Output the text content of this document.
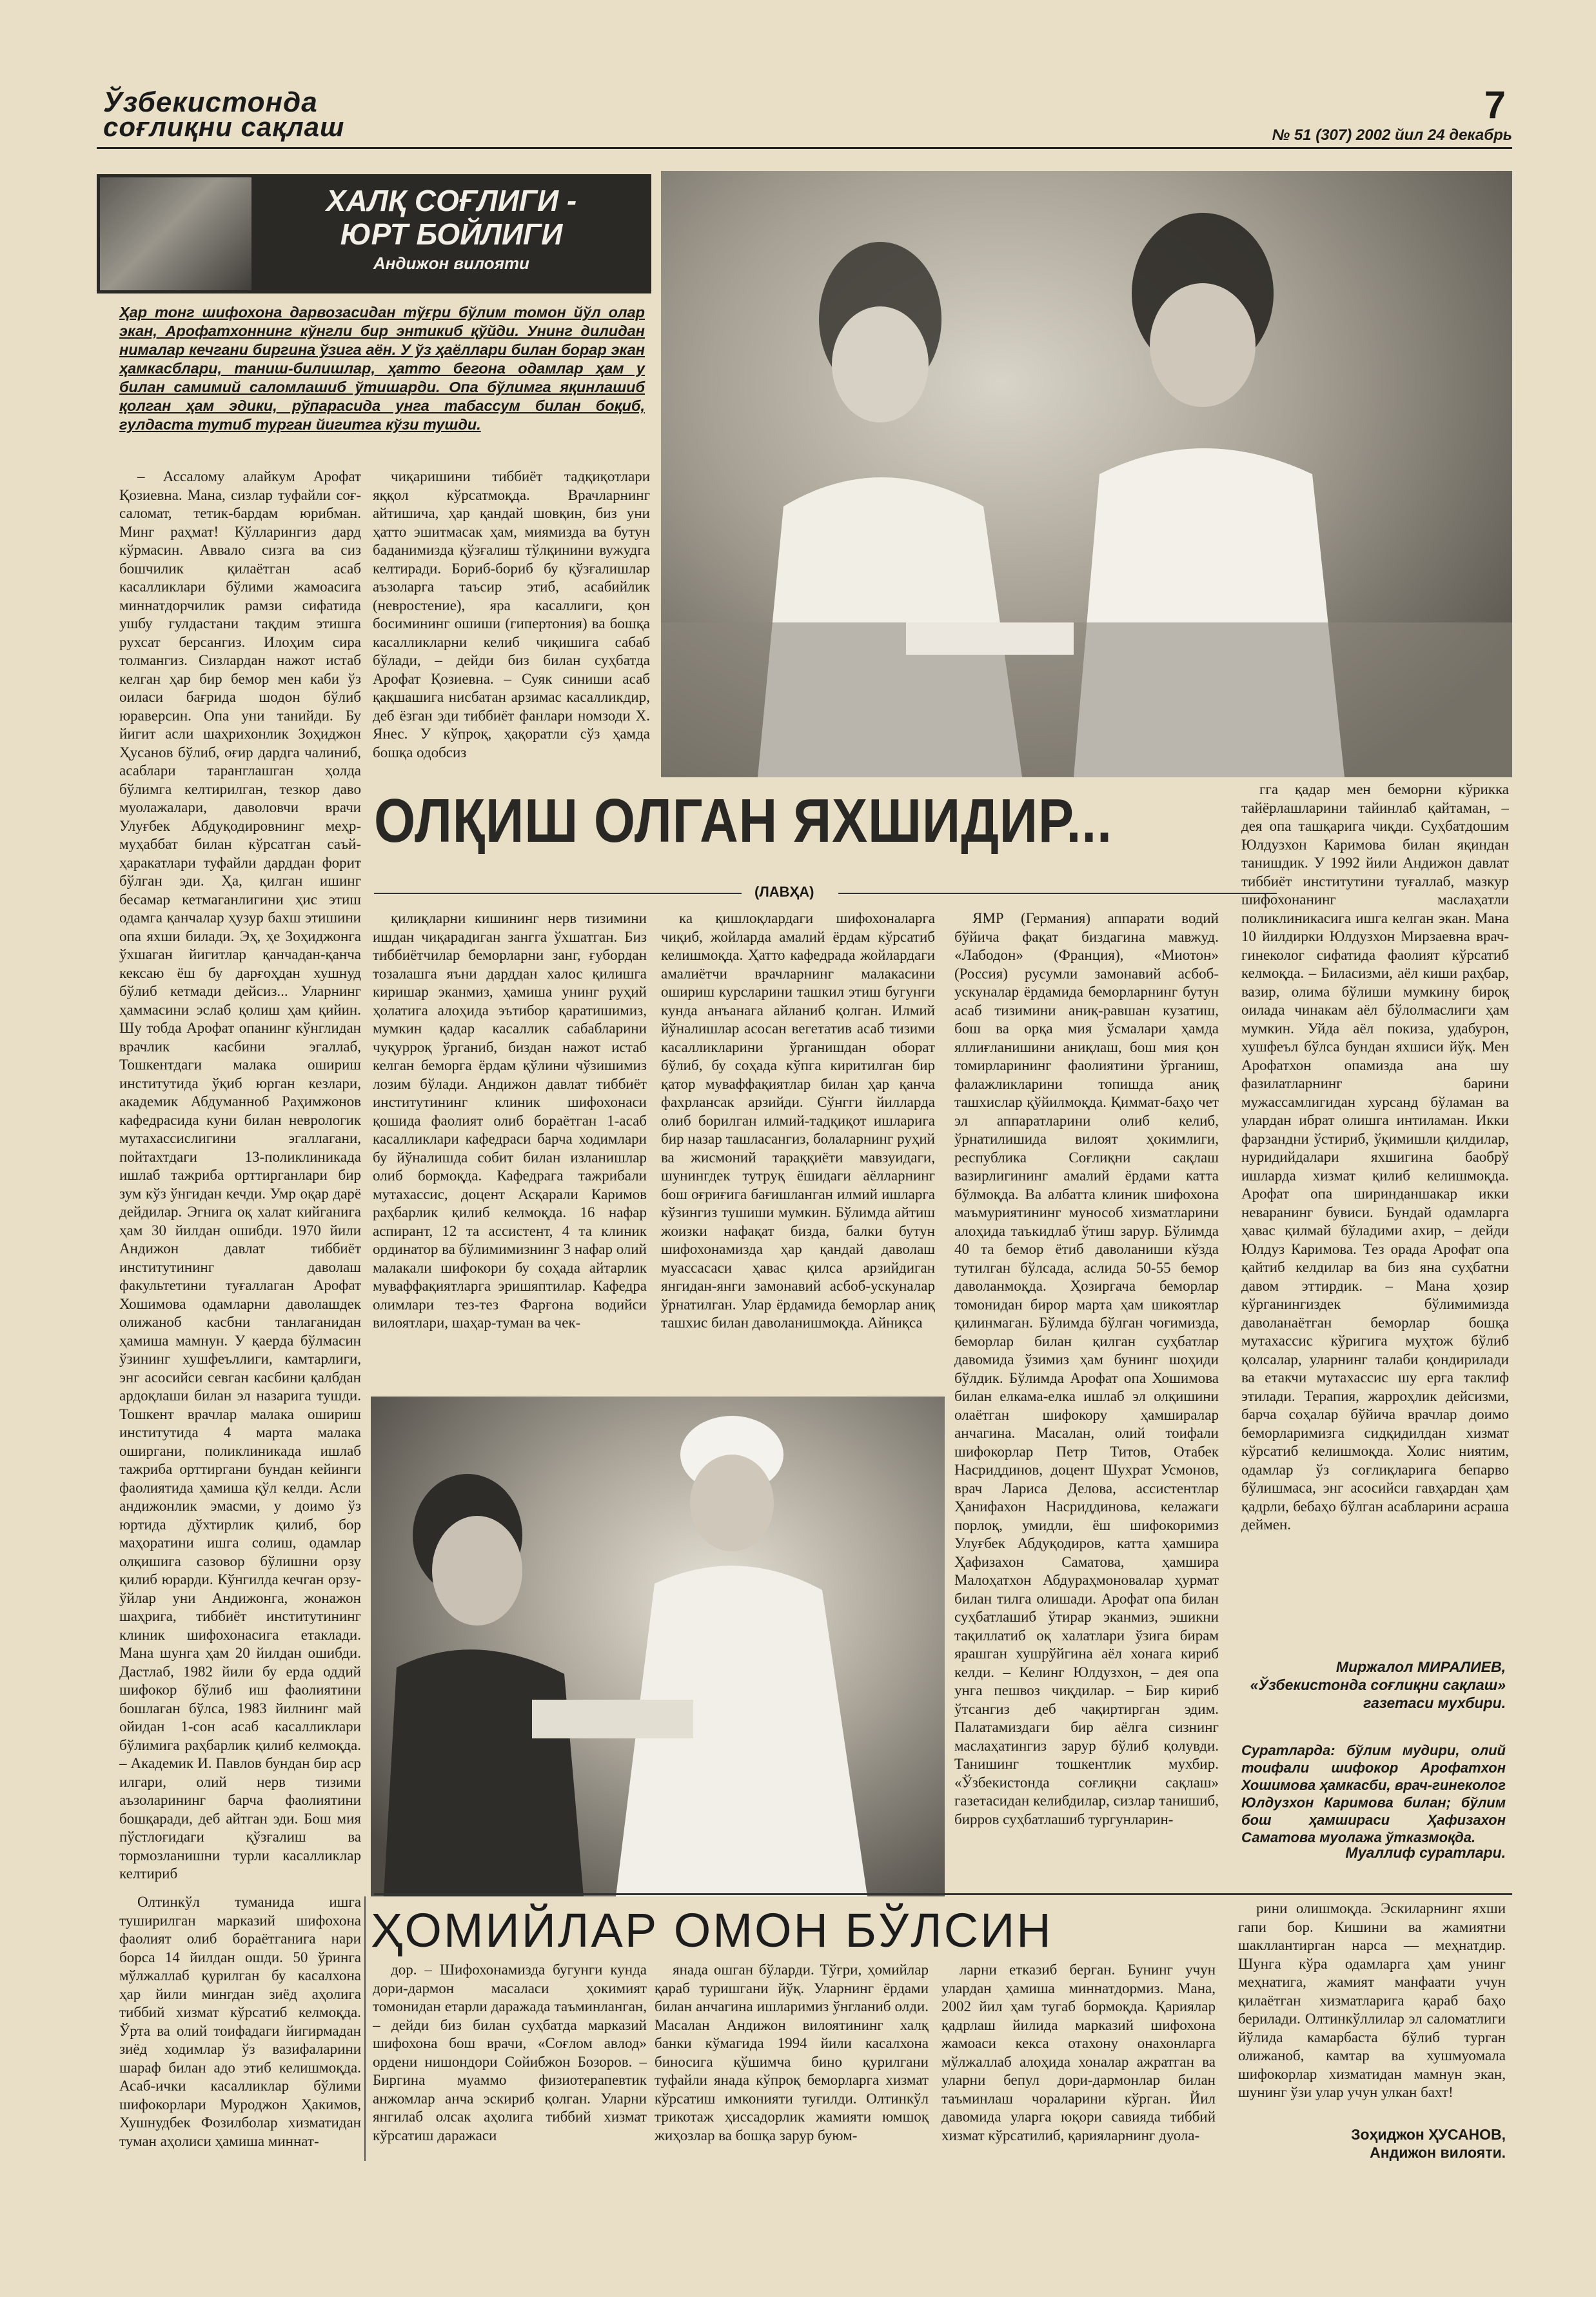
Ўзбекистонда
соғлиқни сақлаш
7
№ 51 (307) 2002 йил 24 декабрь
ХАЛҚ СОҒЛИГИ -
ЮРТ БОЙЛИГИ
Андижон вилояти
Ҳар тонг шифохона дарвозасидан тўғри бўлим томон йўл олар экан, Арофатхоннинг кўнгли бир энтикиб қўйди. Унинг дилидан нималар кечгани биргина ўзига аён. У ўз ҳаёллари билан борар экан ҳамкасблари, таниш-билишлар, ҳатто бегона одамлар ҳам у билан самимий саломлашиб ўтишарди. Опа бўлимга яқинлашиб қолган ҳам эдики, рўпарасида унга табассум билан боқиб, гулдаста тутиб турган йигитга кўзи тушди.
ОЛҚИШ ОЛГАН ЯХШИДИР...
(ЛАВҲА)

– Ассалому алайкум Арофат Қозиевна. Мана, сизлар туфайли соғ-саломат, тетик-бардам юрибман. Минг раҳмат! Кўлларингиз дард кўрмасин. Аввало сизга ва сиз бошчилик қилаётган асаб касалликлари бўлими жамоасига миннатдорчилик рамзи сифатида ушбу гулдастани тақдим этишга рухсат берсангиз. Илоҳим сира толмангиз. Сизлардан нажот истаб келган ҳар бир бемор мен каби ўз оиласи бағрида шодон бўлиб юраверсин. Опа уни танийди. Бу йигит асли шаҳрихонлик Зоҳиджон Ҳусанов бўлиб, оғир дардга чалиниб, асаблари таранглашган ҳолда бўлимга келтирилган, тезкор даво муолажалари, даволовчи врачи Улуғбек Абдуқодировнинг меҳр-муҳаббат билан кўрсатган саъй-ҳаракатлари туфайли дарддан форит бўлган эди. Ҳа, қилган ишинг бесамар кетмаганлигини ҳис этиш одамга қанчалар ҳузур бахш этишини опа яхши билади. Эҳ, ҳе Зоҳиджонга ўхшаган йигитлар қанчадан-қанча кексаю ёш бу дарғоҳдан хушнуд бўлиб кетмади дейсиз... Уларнинг ҳаммасини эслаб қолиш ҳам қийин. Шу тобда Арофат опанинг кўнглидан врачлик касбини эгаллаб, Тошкентдаги малака ошириш институтида ўқиб юрган кезлари, академик Абдуманноб Раҳимжонов кафедрасида куни билан неврологик мутахассислигини эгаллагани, пойтахтдаги 13-поликлиникада ишлаб тажриба орттирганлари бир зум кўз ўнгидан кечди. Умр оқар дарё дейдилар. Эгнига оқ халат кийганига ҳам 30 йилдан ошибди. 1970 йили Андижон давлат тиббиёт институтининг даволаш факультетини туғаллаган Арофат Хошимова одамларни даволашдек олижаноб касбни танлаганидан ҳамиша мамнун. У қаерда бўлмасин ўзининг хушфеъллиги, камтарлиги, энг асосийси севган касбини қалбдан ардоқлаши билан эл назарига тушди. Тошкент врачлар малака ошириш институтида 4 марта малака оширгани, поликлиникада ишлаб тажриба орттиргани бундан кейинги фаолиятида ҳамиша қўл келди. Асли андижонлик эмасми, у доимо ўз юртида дўхтирлик қилиб, бор маҳоратини ишга солиш, одамлар олқишига сазовор бўлишни орзу қилиб юрарди. Кўнгилда кечган орзу-ўйлар уни Андижонга, жонажон шаҳрига, тиббиёт институтининг клиник шифохонасига етаклади. Мана шунга ҳам 20 йилдан ошибди. Дастлаб, 1982 йили бу ерда оддий шифокор бўлиб иш фаолиятини бошлаган бўлса, 1983 йилнинг май ойидан 1-сон асаб касалликлари бўлимига раҳбарлик қилиб келмоқда. – Академик И. Павлов бундан бир аср илгари, олий нерв тизими аъзоларининг барча фаолиятини бошқаради, деб айтган эди. Бош мия пўстлоғидаги қўзғалиш ва тормозланишни турли касалликлар келтириб

чиқаришини тиббиёт тадқиқотлари яққол кўрсатмоқда. Врачларнинг айтишича, ҳар қандай шовқин, биз уни ҳатто эшитмасак ҳам, миямизда ва бутун баданимизда қўзғалиш тўлқинини вужудга келтиради. Бориб-бориб бу қўзғалишлар аъзоларга таъсир этиб, асабийлик (невростение), яра касаллиги, қон босимининг ошиши (гипертония) ва бошқа касалликларни келиб чиқишига сабаб бўлади, – дейди биз билан суҳбатда Арофат Қозиевна. – Суяк синиши асаб қақшашига нисбатан арзимас касалликдир, деб ёзган эди тиббиёт фанлари номзоди Х. Янес. У кўпроқ, ҳақоратли сўз ҳамда бошқа одобсиз

қилиқларни кишининг нерв тизимини ишдан чиқарадиган зангга ўхшатган. Биз тиббиётчилар беморларни занг, ғубордан тозалашга яъни дарддан халос қилишга киришар эканмиз, ҳамиша унинг руҳий ҳолатига алоҳида эътибор қаратишимиз, мумкин қадар касаллик сабабларини чуқурроқ ўрганиб, биздан нажот истаб келган беморга ёрдам қўлини чўзишимиз лозим бўлади. Андижон давлат тиббиёт институтининг клиник шифохонаси қошида фаолият олиб бораётган 1-асаб касалликлари кафедраси барча ходимлари бу йўналишда собит билан изланишлар олиб бормоқда. Кафедрага тажрибали мутахассис, доцент Асқарали Каримов раҳбарлик қилиб келмоқда. 16 нафар аспирант, 12 та ассистент, 4 та клиник ординатор ва бўлимимизнинг 3 нафар олий малакали шифокори бу соҳада айтарлик муваффақиятларга эришяптилар. Кафедра олимлари тез-тез Фарғона водийси вилоятлари, шаҳар-туман ва чек-

ка қишлоқлардаги шифохоналарга чиқиб, жойларда амалий ёрдам кўрсатиб келишмоқда. Ҳатто кафедрада жойлардаги амалиётчи врачларнинг малакасини ошириш курсларини ташкил этиш бугунги кунда анъанага айланиб қолган. Илмий йўналишлар асосан вегетатив асаб тизими касалликларини ўрганишдан оборат бўлиб, бу соҳада кўпга киритилган бир қатор муваффақиятлар билан ҳар қанча фахрлансак арзийди. Сўнгги йилларда олиб борилган илмий-тадқиқот ишларига бир назар ташласангиз, болаларнинг руҳий ва жисмоний тараққиёти мавзуидаги, шунингдек тутруқ ёшидаги аёлларнинг бош оғриғига бағишланган илмий ишларга кўзингиз тушиши мумкин. Бўлимда айтиш жоизки нафақат бизда, балки бутун шифохонамизда ҳар қандай даволаш муассасаси ҳавас қилса арзийдиган янгидан-янги замонавий асбоб-ускуналар ўрнатилган. Улар ёрдамида беморлар аниқ ташхис билан даволанишмоқда. Айниқса

ЯМР (Германия) аппарати водий бўйича фақат биздагина мавжуд. «Лабодон» (Франция), «Миотон» (Россия) русумли замонавий асбоб-ускуналар ёрдамида беморларнинг бутун асаб тизимини аниқ-равшан кузатиш, бош ва орқа мия ўсмалари ҳамда яллиғланишини аниқлаш, бош мия қон томирларининг фаолиятини ўрганиш, фалажликларини топишда аниқ ташхислар қўйилмоқда. Қиммат-баҳо чет эл аппаратларини олиб келиб, ўрнатилишида вилоят ҳокимлиги, республика Соғлиқни сақлаш вазирлигининг амалий ёрдами катта бўлмоқда. Ва албатта клиник шифохона маъмуриятининг мунособ хизматларини алоҳида таъкидлаб ўтиш зарур. Бўлимда 40 та бемор ётиб даволаниши кўзда тутилган бўлсада, аслида 50-55 бемор даволанмоқда. Ҳозиргача беморлар томонидан бирор марта ҳам шикоятлар қилинмаган. Бўлимда бўлган чоғимизда, беморлар билан қилган суҳбатлар давомида ўзимиз ҳам бунинг шоҳиди бўлдик. Бўлимда Арофат опа Хошимова билан елкама-елка ишлаб эл олқишини олаётган шифокору ҳамширалар анчагина. Масалан, олий тоифали шифокорлар Петр Титов, Отабек Насриддинов, доцент Шухрат Усмонов, врач Лариса Делова, ассистентлар Ҳанифахон Насриддинова, келажаги порлоқ, умидли, ёш шифокоримиз Улуғбек Абдуқодиров, катта ҳамшира Ҳафизахон Саматова, ҳамшира Малоҳатхон Абдураҳмоновалар ҳурмат билан тилга олишади. Арофат опа билан суҳбатлашиб ўтирар эканмиз, эшикни тақиллатиб оқ халатлари ўзига бирам ярашган хушрўйгина аёл хонага кириб келди. – Келинг Юлдузхон, – дея опа унга пешвоз чиқдилар. – Бир кириб ўтсангиз деб чақиртирган эдим. Палатамиздаги бир аёлга сизнинг маслаҳатингиз зарур бўлиб қолувди. Танишинг тошкентлик мухбир. «Ўзбекистонда соғлиқни сақлаш» газетасидан келибдилар, сизлар танишиб, бирров суҳбатлашиб тургунларин-

гга қадар мен беморни кўрикка тайёрлашларини тайинлаб қайтаман, – дея опа ташқарига чиқди. Суҳбатдошим Юлдузхон Каримова билан яқиндан танишдик. У 1992 йили Андижон давлат тиббиёт институтини туғаллаб, мазкур шифохонанинг маслаҳатли поликлиникасига ишга келган экан. Мана 10 йилдирки Юлдузхон Мирзаевна врач-гинеколог сифатида фаолият кўрсатиб келмоқда. – Биласизми, аёл киши раҳбар, вазир, олима бўлиши мумкину бироқ оилада чинакам аёл бўлолмаслиги ҳам мумкин. Уйда аёл покиза, удабурон, хушфеъл бўлса бундан яхшиси йўқ. Мен Арофатхон опамизда ана шу фазилатларнинг барини мужассамлигидан хурсанд бўламан ва улардан ибрат олишга интиламан. Икки фарзандни ўстириб, ўқимишли қилдилар, нуридийдалари яхшигина баобрў ишларда хизмат қилиб келишмоқда. Арофат опа ширинданшакар икки неваранинг бувиси. Бундай одамларга ҳавас қилмай бўладими ахир, – дейди Юлдуз Каримова. Тез орада Арофат опа қайтиб келдилар ва биз яна суҳбатни давом эттирдик. – Мана ҳозир кўрганингиздек бўлимимизда даволанаётган беморлар бошқа мутахассис кўригига муҳтож бўлиб қолсалар, уларнинг талаби қондирилади ва етакчи мутахассис шу ерга таклиф этилади. Терапия, жарроҳлик дейсизми, барча соҳалар бўйича врачлар доимо беморларимизга сидқидилдан хизмат кўрсатиб келишмоқда. Холис ниятим, одамлар ўз соғлиқларига бепарво бўлишмаса, энг асосийси гавҳардан ҳам қадрли, бебаҳо бўлган асабларини асраша деймен.

Миржалол МИРАЛИЕВ,
«Ўзбекистонда соғлиқни сақлаш» газетаси мухбири.
Суратларда: бўлим мудири, олий тоифали шифокор Арофатхон Хошимова ҳамкасби, врач-гинеколог Юлдузхон Каримова билан; бўлим бош ҳамшираси Ҳафизахон Саматова муолажа ўтказмоқда.
Муаллиф суратлари.
ҲОМИЙЛАР ОМОН БЎЛСИН

Олтинкўл туманида ишга туширилган марказий шифохона фаолият олиб бораётганига нари борса 14 йилдан ошди. 50 ўринга мўлжаллаб қурилган бу касалхона ҳар йили мингдан зиёд аҳолига тиббий хизмат кўрсатиб келмоқда. Ўрта ва олий тоифадаги йигирмадан зиёд ходимлар ўз вазифаларини шараф билан адо этиб келишмоқда. Асаб-ички касалликлар бўлими шифокорлари Муроджон Ҳакимов, Хушнудбек Фозилболар хизматидан туман аҳолиси ҳамиша миннат-

дор. – Шифохонамизда бугунги кунда дори-дармон масаласи ҳокимият томонидан етарли даражада таъминланган, – дейди биз билан суҳбатда марказий шифохона бош врачи, «Соғлом авлод» ордени нишондори Сойибжон Бозоров. – Биргина муаммо физиотерапевтик анжомлар анча эскириб қолган. Уларни янгилаб олсак аҳолига тиббий хизмат кўрсатиш даражаси

янада ошган бўларди. Тўғри, ҳомийлар қараб туришгани йўқ. Уларнинг ёрдами билан анчагина ишларимиз ўнгланиб олди. Масалан Андижон вилоятининг халқ банки кўмагида 1994 йили касалхона биносига қўшимча бино қурилгани туфайли янада кўпроқ беморларга хизмат кўрсатиш имконияти туғилди. Олтинкўл трикотаж ҳиссадорлик жамияти юмшоқ жиҳозлар ва бошқа зарур буюм-

ларни етказиб берган. Бунинг учун улардан ҳамиша миннатдормиз. Мана, 2002 йил ҳам тугаб бормоқда. Қариялар қадрлаш йилида марказий шифохона жамоаси кекса отахону онахонларга мўлжаллаб алоҳида хоналар ажратган ва уларни бепул дори-дармонлар билан таъминлаш чораларини кўрган. Йил давомида уларга юқори савияда тиббий хизмат кўрсатилиб, қарияларнинг дуола-

рини олишмоқда. Эскиларнинг яхши гапи бор. Кишини ва жамиятни шакллантирган нарса — меҳнатдир. Шунга кўра одамларга ҳам унинг меҳнатига, жамият манфаати учун қилаётган хизматларига қараб баҳо берилади. Олтинкўллилар эл саломатлиги йўлида камарбаста бўлиб турган олижаноб, камтар ва хушмуомала шифокорлар хизматидан мамнун экан, шунинг ўзи улар учун улкан бахт!

Зоҳиджон ҲУСАНОВ,
Андижон вилояти.
